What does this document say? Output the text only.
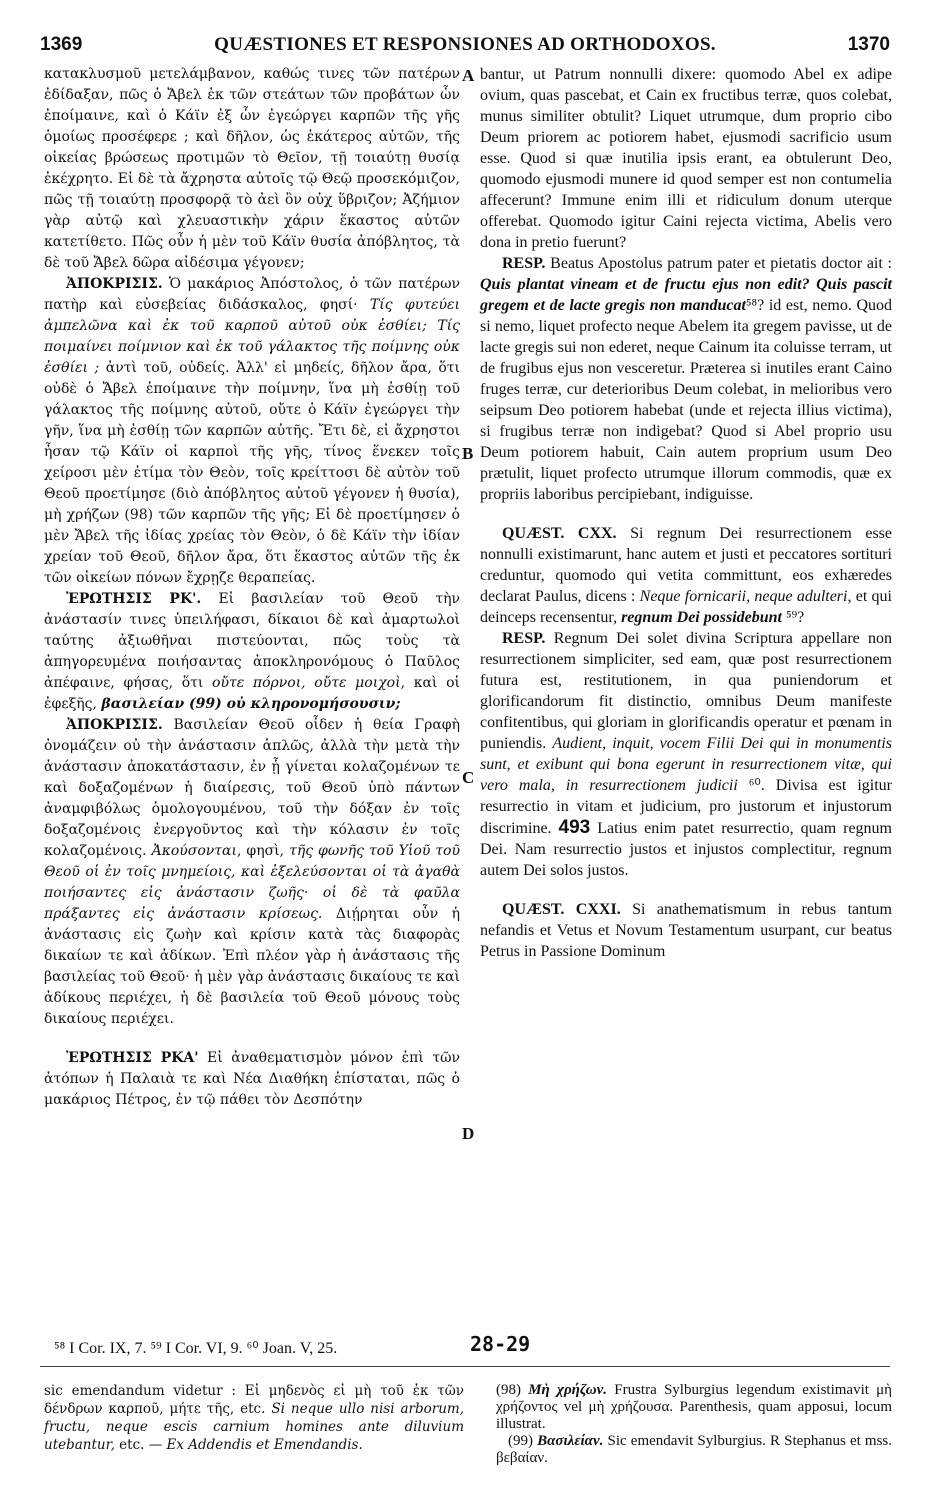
1369	QUÆSTIONES ET RESPONSIONES AD ORTHODOXOS.	1370

κατακλυσμοῦ μετελάμβανον, καθώς τινες τῶν πατέρων ἐδίδαξαν, πῶς ὁ Ἄβελ ἐκ τῶν στεάτων τῶν προβάτων ὧν ἐποίμαινε, καὶ ὁ Κάϊν ἐξ ὧν ἐγεώργει καρπῶν τῆς γῆς ὁμοίως προσέφερε ; καὶ δῆλον, ὡς ἑκάτερος αὐτῶν, τῆς οἰκείας βρώσεως προτιμῶν τὸ Θεῖον, τῇ τοιαύτῃ θυσίᾳ ἐκέχρητο. Εἰ δὲ τὰ ἄχρηστα αὐτοῖς τῷ Θεῷ προσεκόμιζον, πῶς τῇ τοιαύτῃ προσφορᾷ τὸ ἀεὶ ὂν οὐχ ὕβριζον; Ἀζήμιον γὰρ αὐτῷ καὶ χλευαστικὴν χάριν ἕκαστος αὐτῶν κατετίθετο. Πῶς οὖν ἡ μὲν τοῦ Κάϊν θυσία ἀπόβλητος, τὰ δὲ τοῦ Ἄβελ δῶρα αἰδέσιμα γέγονεν;

ἈΠΟΚΡΙΣΙΣ. Ὁ μακάριος Ἀπόστολος, ὁ τῶν πατέρων πατὴρ καὶ εὐσεβείας διδάσκαλος, φησί· Τίς φυτεύει ἀμπελῶνα καὶ ἐκ τοῦ καρποῦ αὐτοῦ οὐκ ἐσθίει; Τίς ποιμαίνει ποίμνιον καὶ ἐκ τοῦ γάλακτος τῆς ποίμνης οὐκ ἐσθίει ; ἀντὶ τοῦ, οὐδείς. Ἀλλ' εἰ μηδείς, δῆλον ἄρα, ὅτι οὐδὲ ὁ Ἄβελ ἐποίμαινε τὴν ποίμνην, ἵνα μὴ ἐσθίῃ τοῦ γάλακτος τῆς ποίμνης αὐτοῦ, οὔτε ὁ Κάϊν ἐγεώργει τὴν γῆν, ἵνα μὴ ἐσθίῃ τῶν καρπῶν αὐτῆς. Ἔτι δὲ, εἰ ἄχρηστοι ἦσαν τῷ Κάϊν οἱ καρποὶ τῆς γῆς, τίνος ἕνεκεν τοῖς χείροσι μὲν ἐτίμα τὸν Θεὸν, τοῖς κρείττοσι δὲ αὐτὸν τοῦ Θεοῦ προετίμησε (διὸ ἀπόβλητος αὐτοῦ γέγονεν ἡ θυσία), μὴ χρήζων (98) τῶν καρπῶν τῆς γῆς; Εἰ δὲ προετίμησεν ὁ μὲν Ἄβελ τῆς ἰδίας χρείας τὸν Θεὸν, ὁ δὲ Κάϊν τὴν ἰδίαν χρείαν τοῦ Θεοῦ, δῆλον ἄρα, ὅτι ἕκαστος αὐτῶν τῆς ἐκ τῶν οἰκείων πόνων ἔχρῃζε θεραπείας.

ἘΡΩΤΗΣΙΣ ΡΚ'. Εἰ βασιλείαν τοῦ Θεοῦ τὴν ἀνάστασίν τινες ὑπειλήφασι, δίκαιοι δὲ καὶ ἁμαρτωλοὶ ταύτης ἀξιωθῆναι πιστεύονται, πῶς τοὺς τὰ ἀπηγορευμένα ποιήσαντας ἀποκληρονόμους ὁ Παῦλος ἀπέφαινε, φήσας, ὅτι οὔτε πόρνοι, οὔτε μοιχοὶ, καὶ οἱ ἐφεξῆς, βασιλείαν (99) οὐ κληρονομήσουσιν;

ἈΠΟΚΡΙΣΙΣ. Βασιλείαν Θεοῦ οἶδεν ἡ θεία Γραφὴ ὀνομάζειν οὐ τὴν ἀνάστασιν ἁπλῶς, ἀλλὰ τὴν μετὰ τὴν ἀνάστασιν ἀποκατάστασιν, ἐν ᾗ γίνεται κολαζομένων τε καὶ δοξαζομένων ἡ διαίρεσις, τοῦ Θεοῦ ὑπὸ πάντων ἀναμφιβόλως ὁμολογουμένου, τοῦ τὴν δόξαν ἐν τοῖς δοξαζομένοις ἐνεργοῦντος καὶ τὴν κόλασιν ἐν τοῖς κολαζομένοις. Ἀκούσονται, φησὶ, τῆς φωνῆς τοῦ Υἱοῦ τοῦ Θεοῦ οἱ ἐν τοῖς μνημείοις, καὶ ἐξελεύσονται οἱ τὰ ἀγαθὰ ποιήσαντες εἰς ἀνάστασιν ζωῆς· οἱ δὲ τὰ φαῦλα πράξαντες εἰς ἀνάστασιν κρίσεως. Διῄρηται οὖν ἡ ἀνάστασις εἰς ζωὴν καὶ κρίσιν κατὰ τὰς διαφορὰς δικαίων τε καὶ ἀδίκων. Ἐπὶ πλέον γὰρ ἡ ἀνάστασις τῆς βασιλείας τοῦ Θεοῦ· ἡ μὲν γὰρ ἀνάστασις δικαίους τε καὶ ἀδίκους περιέχει, ἡ δὲ βασιλεία τοῦ Θεοῦ μόνους τοὺς δικαίους περιέχει.

ἘΡΩΤΗΣΙΣ ΡΚΑ' Εἰ ἀναθεματισμὸν μόνον ἐπὶ τῶν ἀτόπων ἡ Παλαιὰ τε καὶ Νέα Διαθήκη ἐπίσταται, πῶς ὁ μακάριος Πέτρος, ἐν τῷ πάθει τὸν Δεσπότην

A
B
C
D

bantur, ut Patrum nonnulli dixere: quomodo Abel ex adipe ovium, quas pascebat, et Cain ex fructibus terræ, quos colebat, munus similiter obtulit? Liquet utrumque, dum proprio cibo Deum priorem ac potiorem habet, ejusmodi sacrificio usum esse. Quod si quæ inutilia ipsis erant, ea obtulerunt Deo, quomodo ejusmodi munere id quod semper est non contumelia affecerunt? Immune enim illi et ridiculum donum uterque offerebat. Quomodo igitur Caini rejecta victima, Abelis vero dona in pretio fuerunt?

RESP. Beatus Apostolus patrum pater et pietatis doctor ait : Quis plantat vineam et de fructu ejus non edit? Quis pascit gregem et de lacte gregis non manducat⁵⁸? id est, nemo. Quod si nemo, liquet profecto neque Abelem ita gregem pavisse, ut de lacte gregis sui non ederet, neque Cainum ita coluisse terram, ut de frugibus ejus non vesceretur. Præterea si inutiles erant Caino fruges terræ, cur deterioribus Deum colebat, in melioribus vero seipsum Deo potiorem habebat (unde et rejecta illius victima), si frugibus terræ non indigebat? Quod si Abel proprio usu Deum potiorem habuit, Cain autem proprium usum Deo prætulit, liquet profecto utrumque illorum commodis, quæ ex propriis laboribus percipiebant, indiguisse.

QUÆST. CXX. Si regnum Dei resurrectionem esse nonnulli existimarunt, hanc autem et justi et peccatores sortituri creduntur, quomodo qui vetita committunt, eos exhæredes declarat Paulus, dicens : Neque fornicarii, neque adulteri, et qui deinceps recensentur, regnum Dei possidebunt ⁵⁹?

RESP. Regnum Dei solet divina Scriptura appellare non resurrectionem simpliciter, sed eam, quæ post resurrectionem futura est, restitutionem, in qua puniendorum et glorificandorum fit distinctio, omnibus Deum manifeste confitentibus, qui gloriam in glorificandis operatur et pœnam in puniendis. Audient, inquit, vocem Filii Dei qui in monumentis sunt, et exibunt qui bona egerunt in resurrectionem vitæ, qui vero mala, in resurrectionem judicii ⁶⁰. Divisa est igitur resurrectio in vitam et judicium, pro justorum et injustorum discrimine. 493 Latius enim patet resurrectio, quam regnum Dei. Nam resurrectio justos et injustos complectitur, regnum autem Dei solos justos.

QUÆST. CXXI. Si anathematismum in rebus tantum nefandis et Vetus et Novum Testamentum usurpant, cur beatus Petrus in Passione Dominum

⁵⁸ I Cor. IX, 7. ⁵⁹ I Cor. VI, 9. ⁶⁰ Joan. V, 25.	28-29

sic emendandum videtur : Εἰ μηδενὸς εἰ μὴ τοῦ ἐκ τῶν δένδρων καρποῦ, μήτε τῆς, etc. Si neque ullo nisi arborum, fructu, neque escis carnium homines ante diluvium utebantur, etc. — Ex Addendis et Emendandis.

(98) Μὴ χρήζων. Frustra Sylburgius legendum existimavit μὴ χρήζοντος vel μὴ χρήζουσα. Parenthesis, quam apposui, locum illustrat.

(99) Βασιλείαν. Sic emendavit Sylburgius. R Stephanus et mss. βεβαίαν.
